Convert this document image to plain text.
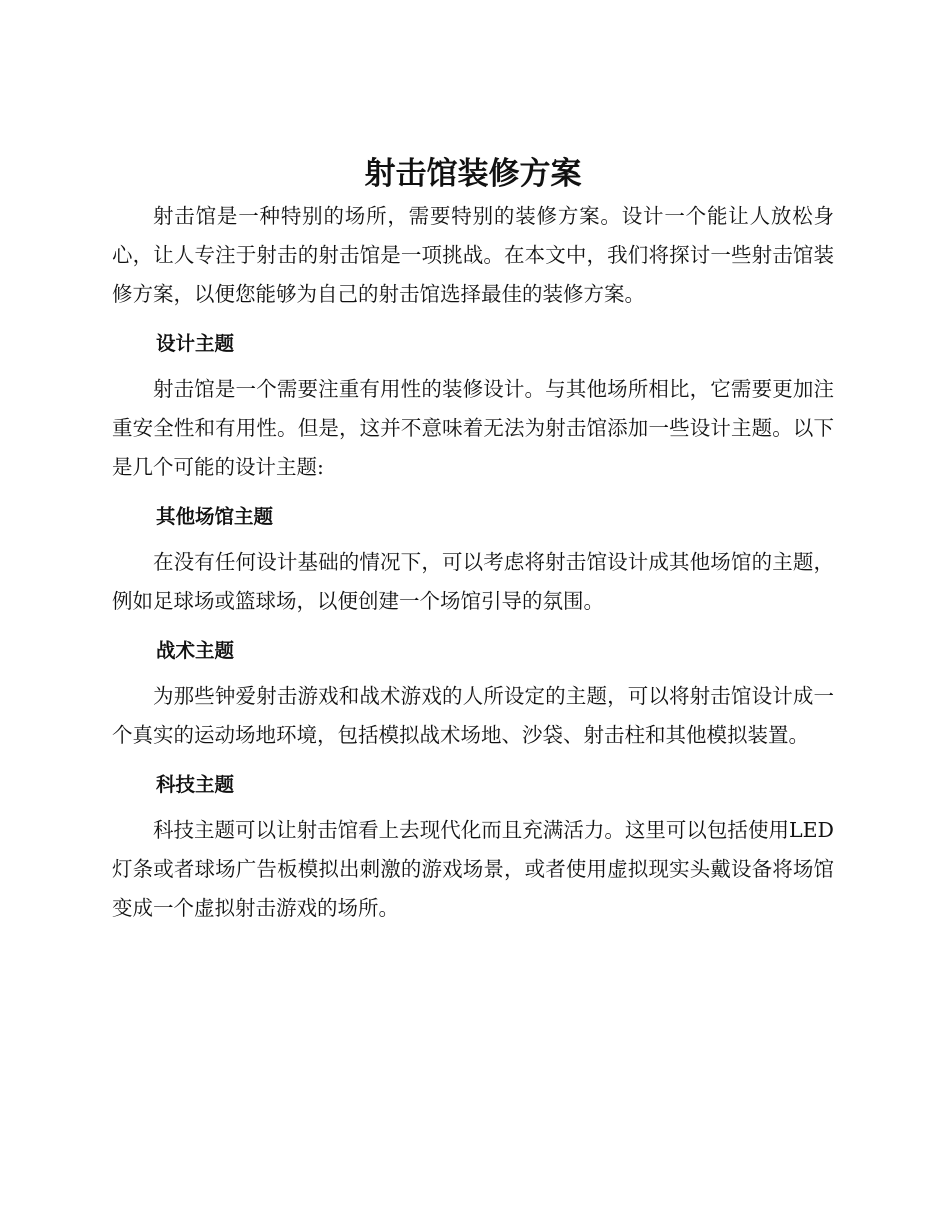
射击馆装修方案

射击馆是一种特别的场所，需要特别的装修方案。设计一个能让人放松身心，让人专注于射击的射击馆是一项挑战。在本文中，我们将探讨一些射击馆装修方案，以便您能够为自己的射击馆选择最佳的装修方案。

设计主题

射击馆是一个需要注重有用性的装修设计。与其他场所相比，它需要更加注重安全性和有用性。但是，这并不意味着无法为射击馆添加一些设计主题。以下是几个可能的设计主题:

其他场馆主题

在没有任何设计基础的情况下，可以考虑将射击馆设计成其他场馆的主题，例如足球场或篮球场，以便创建一个场馆引导的氛围。

战术主题

为那些钟爱射击游戏和战术游戏的人所设定的主题，可以将射击馆设计成一个真实的运动场地环境，包括模拟战术场地、沙袋、射击柱和其他模拟装置。

科技主题

科技主题可以让射击馆看上去现代化而且充满活力。这里可以包括使用LED 灯条或者球场广告板模拟出刺激的游戏场景，或者使用虚拟现实头戴设备将场馆变成一个虚拟射击游戏的场所。
